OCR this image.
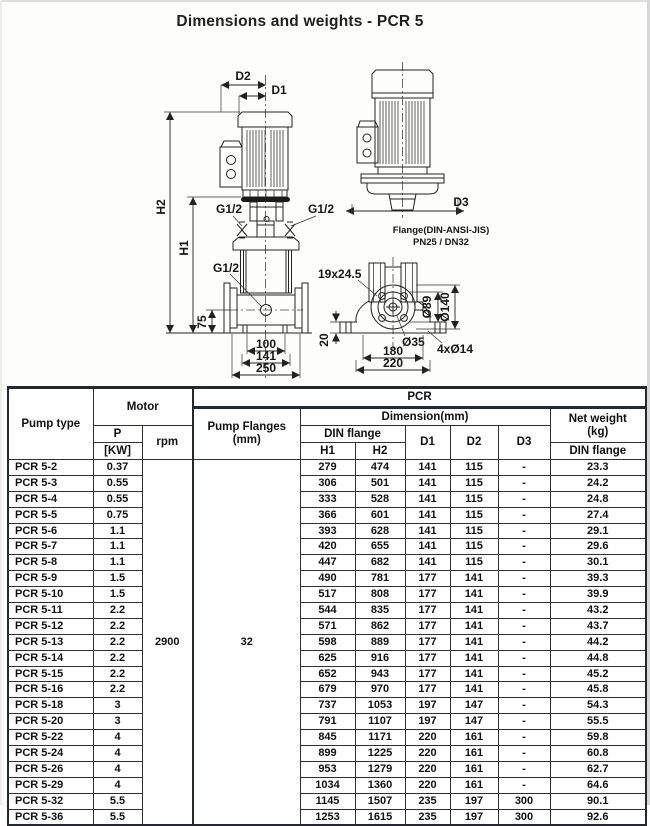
Dimensions and weights - PCR 5
H2
H1
75
D2
D1
G1/2	G1/2
G1/2
100
141
250
D3
Flange(DIN-ANSI-JIS)
PN25 / DN32
19x24.5
20
Ø89 Ø140
Ø35 4xØ14
180
220
Pump type	Motor		PCR						
			Pump Flanges
(mm)	Dimension(mm)					Net weight
(kg)
	P	rpm		DIN flange		D1	D2	D3	
	[KW]			H1	H2				DIN flange
PCR 5-2	0.37	2900	32	279	474	141	115	-	23.3
PCR 5-3	0.55			306	501	141	115	-	24.2
PCR 5-4	0.55			333	528	141	115	-	24.8
PCR 5-5	0.75			366	601	141	115	-	27.4
PCR 5-6	1.1			393	628	141	115	-	29.1
PCR 5-7	1.1			420	655	141	115	-	29.6
PCR 5-8	1.1			447	682	141	115	-	30.1
PCR 5-9	1.5			490	781	177	141	-	39.3
PCR 5-10	1.5			517	808	177	141	-	39.9
PCR 5-11	2.2			544	835	177	141	-	43.2
PCR 5-12	2.2			571	862	177	141	-	43.7
PCR 5-13	2.2			598	889	177	141	-	44.2
PCR 5-14	2.2			625	916	177	141	-	44.8
PCR 5-15	2.2			652	943	177	141	-	45.2
PCR 5-16	2.2			679	970	177	141	-	45.8
PCR 5-18	3			737	1053	197	147	-	54.3
PCR 5-20	3			791	1107	197	147	-	55.5
PCR 5-22	4			845	1171	220	161	-	59.8
PCR 5-24	4			899	1225	220	161	-	60.8
PCR 5-26	4			953	1279	220	161	-	62.7
PCR 5-29	4			1034	1360	220	161	-	64.6
PCR 5-32	5.5			1145	1507	235	197	300	90.1
PCR 5-36	5.5			1253	1615	235	197	300	92.6
